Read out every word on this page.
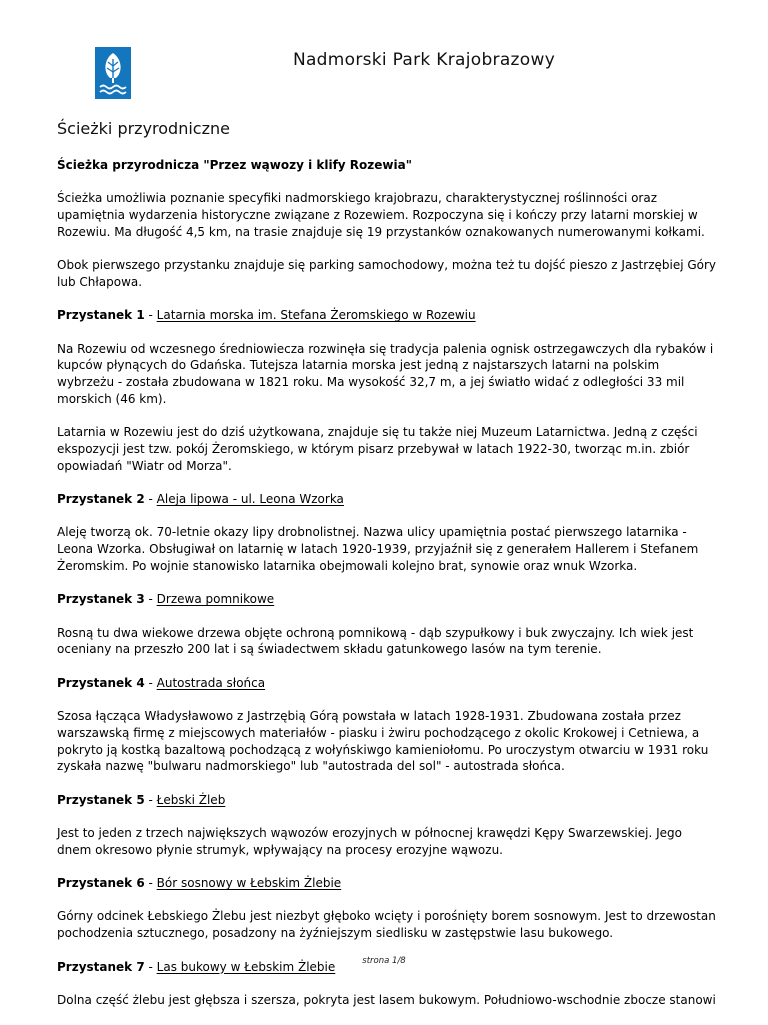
Nadmorski Park Krajobrazowy
Ścieżki przyrodniczne

Ścieżka przyrodnicza "Przez wąwozy i klify Rozewia"

Ścieżka umożliwia poznanie specyfiki nadmorskiego krajobrazu, charakterystycznej roślinności oraz upamiętnia wydarzenia historyczne związane z Rozewiem. Rozpoczyna się i kończy przy latarni morskiej w Rozewiu. Ma długość 4,5 km, na trasie znajduje się 19 przystanków oznakowanych numerowanymi kołkami.

Obok pierwszego przystanku znajduje się parking samochodowy, można też tu dojść pieszo z Jastrzębiej Góry lub Chłapowa.

Przystanek 1 - Latarnia morska im. Stefana Żeromskiego w Rozewiu

Na Rozewiu od wczesnego średniowiecza rozwinęła się tradycja palenia ognisk ostrzegawczych dla rybaków i kupców płynących do Gdańska. Tutejsza latarnia morska jest jedną z najstarszych latarni na polskim wybrzeżu - została zbudowana w 1821 roku. Ma wysokość 32,7 m, a jej światło widać z odległości 33 mil morskich (46 km).

Latarnia w Rozewiu jest do dziś użytkowana, znajduje się tu także niej Muzeum Latarnictwa. Jedną z części ekspozycji jest tzw. pokój Żeromskiego, w którym pisarz przebywał w latach 1922-30, tworząc m.in. zbiór opowiadań "Wiatr od Morza".

Przystanek 2 - Aleja lipowa - ul. Leona Wzorka

Aleję tworzą ok. 70-letnie okazy lipy drobnolistnej. Nazwa ulicy upamiętnia postać pierwszego latarnika - Leona Wzorka. Obsługiwał on latarnię w latach 1920-1939, przyjaźnił się z generałem Hallerem i Stefanem Żeromskim. Po wojnie stanowisko latarnika obejmowali kolejno brat, synowie oraz wnuk Wzorka.

Przystanek 3 - Drzewa pomnikowe

Rosną tu dwa wiekowe drzewa objęte ochroną pomnikową - dąb szypułkowy i buk zwyczajny. Ich wiek jest oceniany na przeszło 200 lat i są świadectwem składu gatunkowego lasów na tym terenie.

Przystanek 4 - Autostrada słońca

Szosa łącząca Władysławowo z Jastrzębią Górą powstała w latach 1928-1931. Zbudowana została przez warszawską firmę z miejscowych materiałów - piasku i żwiru pochodzącego z okolic Krokowej i Cetniewa, a pokryto ją kostką bazaltową pochodzącą z wołyńskiwgo kamieniołomu. Po uroczystym otwarciu w 1931 roku zyskała nazwę "bulwaru nadmorskiego" lub "autostrada del sol" - autostrada słońca.

Przystanek 5 - Łebski Żleb

Jest to jeden z trzech największych wąwozów erozyjnych w północnej krawędzi Kępy Swarzewskiej. Jego dnem okresowo płynie strumyk, wpływający na procesy erozyjne wąwozu.

Przystanek 6 - Bór sosnowy w Łebskim Żlebie

Górny odcinek Łebskiego Żlebu jest niezbyt głęboko wcięty i porośnięty borem sosnowym. Jest to drzewostan pochodzenia sztucznego, posadzony na żyźniejszym siedlisku w zastępstwie lasu bukowego.

Przystanek 7 - Las bukowy w Łebskim Żlebie

Dolna część żlebu jest głębsza i szersza, pokryta jest lasem bukowym. Południowo-wschodnie zbocze stanowi

strona 1/8
